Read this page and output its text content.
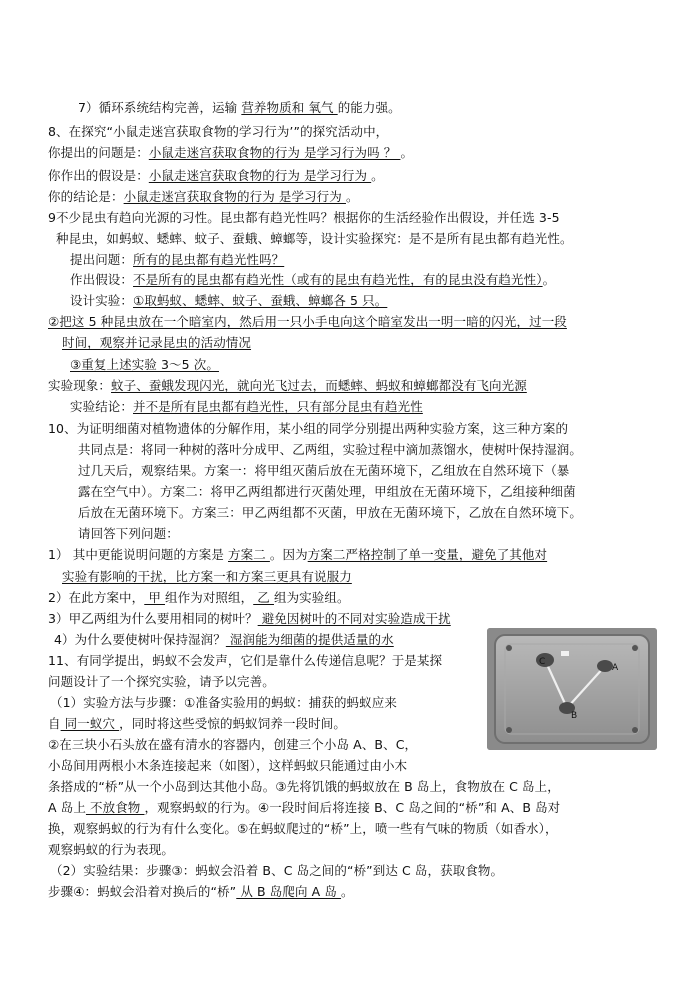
7）循环系统结构完善，运输 营养物质和 氧气 的能力强。
8、在探究“小鼠走迷宫获取食物的学习行为’”的探究活动中，
你提出的问题是：小鼠走迷宫获取食物的行为 是学习行为吗 ？ 。
你作出的假设是：小鼠走迷宫获取食物的行为 是学习行为 。
你的结论是：小鼠走迷宫获取食物的行为 是学习行为 。
9不少昆虫有趋向光源的习性。昆虫都有趋光性吗？根据你的生活经验作出假设，并任选 3-5
种昆虫，如蚂蚁、蟋蟀、蚊子、蚕蛾、蟑螂等，设计实验探究：是不是所有昆虫都有趋光性。
提出问题：所有的昆虫都有趋光性吗？
作出假设：不是所有的昆虫都有趋光性（或有的昆虫有趋光性，有的昆虫没有趋光性）。
设计实验：①取蚂蚁、蟋蟀、蚊子、蚕蛾、蟑螂各 5 只。
②把这 5 种昆虫放在一个暗室内，然后用一只小手电向这个暗室发出一明一暗的闪光，过一段
时间，观察并记录昆虫的活动情况
③重复上述实验 3～5 次。
实验现象：蚊子、蚕蛾发现闪光，就向光飞过去，而蟋蟀、蚂蚁和蟑螂都没有飞向光源
实验结论：并不是所有昆虫都有趋光性，只有部分昆虫有趋光性
10、为证明细菌对植物遗体的分解作用，某小组的同学分别提出两种实验方案，这三种方案的
共同点是：将同一种树的落叶分成甲、乙两组，实验过程中滴加蒸馏水，使树叶保持湿润。
过几天后，观察结果。方案一：将甲组灭菌后放在无菌环境下，乙组放在自然环境下（暴
露在空气中）。方案二：将甲乙两组都进行灭菌处理，甲组放在无菌环境下，乙组接种细菌
后放在无菌环境下。方案三：甲乙两组都不灭菌，甲放在无菌环境下，乙放在自然环境下。
请回答下列问题：
1） 其中更能说明问题的方案是 方案二 。因为方案二严格控制了单一变量，避免了其他对
实验有影响的干扰，比方案一和方案三更具有说服力
2）在此方案中， 甲 组作为对照组， 乙 组为实验组。
3）甲乙两组为什么要用相同的树叶？ 避免因树叶的不同对实验造成干扰
4）为什么要使树叶保持湿润？ 湿润能为细菌的提供适量的水
11、有同学提出，蚂蚁不会发声，它们是靠什么传递信息呢？于是某探
问题设计了一个探究实验，请予以完善。
（1）实验方法与步骤：①准备实验用的蚂蚁：捕获的蚂蚁应来
自 同一蚁穴 ，同时将这些受惊的蚂蚁饲养一段时间。
②在三块小石头放在盛有清水的容器内，创建三个小岛 A、B、C，
小岛间用两根小木条连接起来（如图），这样蚂蚁只能通过由小木
条搭成的“桥”从一个小岛到达其他小岛。③先将饥饿的蚂蚁放在 B 岛上，食物放在 C 岛上，
A 岛上 不放食物 ，观察蚂蚁的行为。④一段时间后将连接 B、C 岛之间的“桥”和 A、B 岛对
换，观察蚂蚁的行为有什么变化。⑤在蚂蚁爬过的“桥”上，喷一些有气味的物质（如香水），
观察蚂蚁的行为表现。
（2）实验结果：步骤③：蚂蚁会沿着 B、C 岛之间的“桥”到达 C 岛，获取食物。
步骤④：蚂蚁会沿着对换后的“桥” 从 B 岛爬向 A 岛 。
C
A
B
